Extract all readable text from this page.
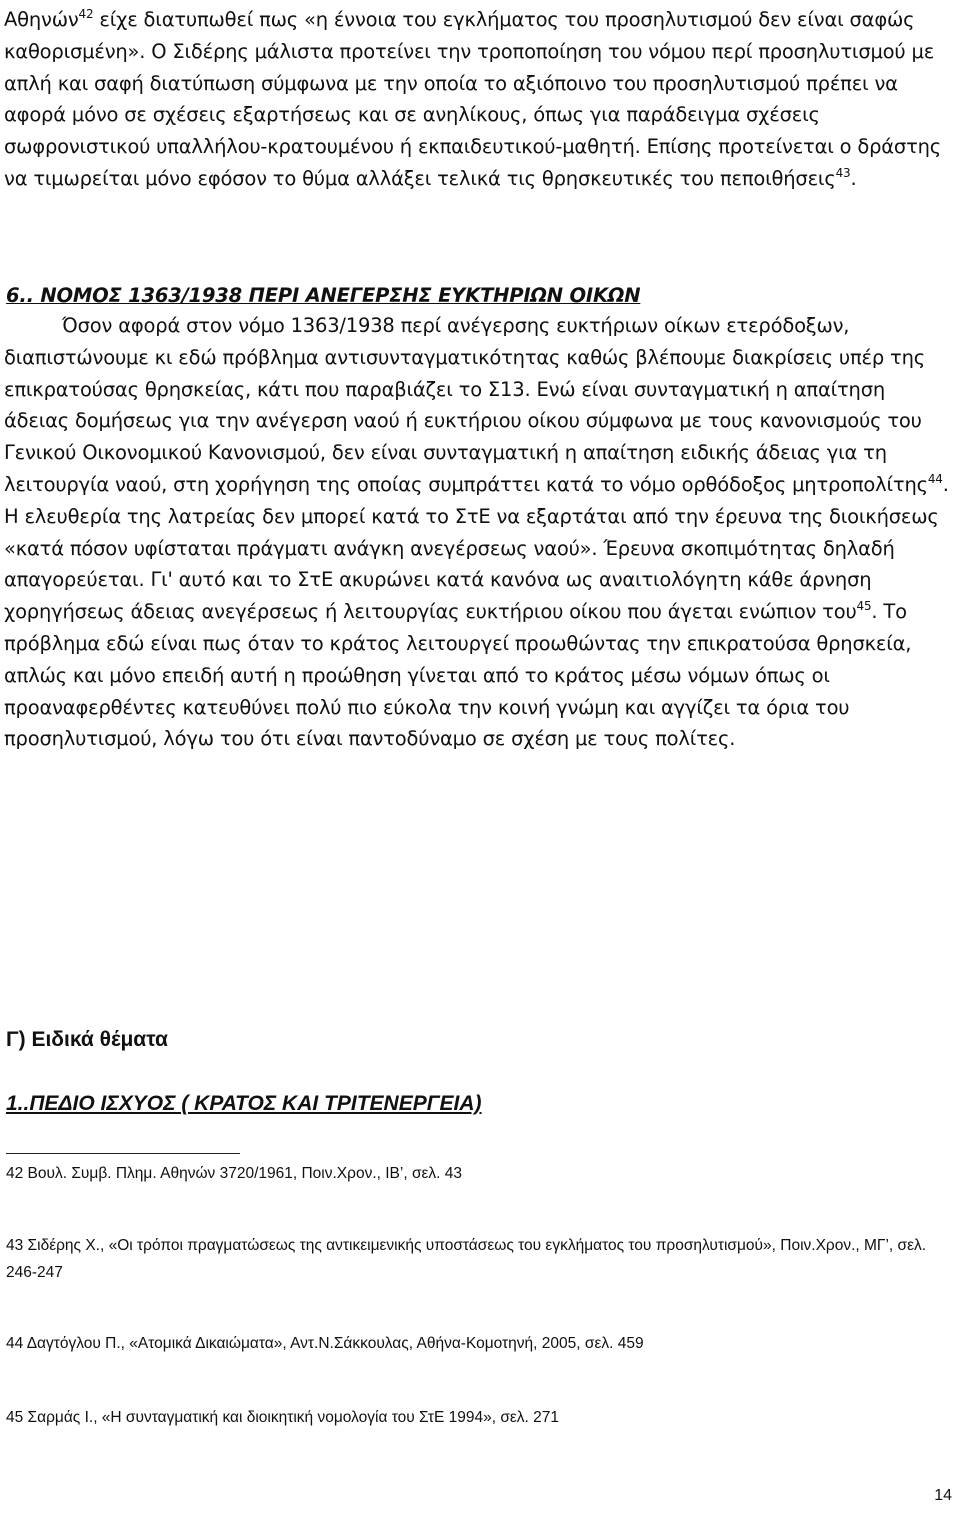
Αθηνών$^{42}$ είχε διατυπωθεί πως «η έννοια του εγκλήματος του προσηλυτισμού δεν είναι σαφώς καθορισμένη». Ο Σιδέρης μάλιστα προτείνει την τροποποίηση του νόμου περί προσηλυτισμού με απλή και σαφή διατύπωση σύμφωνα με την οποία το αξιόποινο του προσηλυτισμού πρέπει να αφορά μόνο σε σχέσεις εξαρτήσεως και σε ανηλίκους, όπως για παράδειγμα σχέσεις σωφρονιστικού υπαλλήλου-κρατουμένου ή εκπαιδευτικού-μαθητή. Επίσης προτείνεται ο δράστης να τιμωρείται μόνο εφόσον το θύμα αλλάξει τελικά τις θρησκευτικές του πεποιθήσεις$^{43}$.

6.. ΝΟΜΟΣ 1363/1938 ΠΕΡΙ ΑΝΕΓΕΡΣΗΣ ΕΥΚΤΗΡΙΩΝ ΟΙΚΩΝ

Όσον αφορά στον νόμο 1363/1938 περί ανέγερσης ευκτήριων οίκων ετερόδοξων, διαπιστώνουμε κι εδώ πρόβλημα αντισυνταγματικότητας καθώς βλέπουμε διακρίσεις υπέρ της επικρατούσας θρησκείας, κάτι που παραβιάζει το Σ13. Ενώ είναι συνταγματική η απαίτηση άδειας δομήσεως για την ανέγερση ναού ή ευκτήριου οίκου σύμφωνα με τους κανονισμούς του Γενικού Οικονομικού Κανονισμού, δεν είναι συνταγματική η απαίτηση ειδικής άδειας για τη λειτουργία ναού, στη χορήγηση της οποίας συμπράττει κατά το νόμο ορθόδοξος μητροπολίτης$^{44}$. Η ελευθερία της λατρείας δεν μπορεί κατά το ΣτΕ να εξαρτάται από την έρευνα της διοικήσεως «κατά πόσον υφίσταται πράγματι ανάγκη ανεγέρσεως ναού». Έρευνα σκοπιμότητας δηλαδή απαγορεύεται. Γι' αυτό και το ΣτΕ ακυρώνει κατά κανόνα ως αναιτιολόγητη κάθε άρνηση χορηγήσεως άδειας ανεγέρσεως ή λειτουργίας ευκτήριου οίκου που άγεται ενώπιον του$^{45}$. Το πρόβλημα εδώ είναι πως όταν το κράτος λειτουργεί προωθώντας την επικρατούσα θρησκεία, απλώς και μόνο επειδή αυτή η προώθηση γίνεται από το κράτος μέσω νόμων όπως οι προαναφερθέντες κατευθύνει πολύ πιο εύκολα την κοινή γνώμη και αγγίζει τα όρια του προσηλυτισμού, λόγω του ότι είναι παντοδύναμο σε σχέση με τους πολίτες.

Γ) Ειδικά θέματα
1..ΠΕΔΙΟ ΙΣΧΥΟΣ ( ΚΡΑΤΟΣ ΚΑΙ ΤΡΙΤΕΝΕΡΓΕΙΑ)

42 Βουλ. Συμβ. Πλημ. Αθηνών 3720/1961, Ποιν.Χρον., ΙΒ’, σελ. 43

43 Σιδέρης Χ., «Οι τρόποι πραγματώσεως της αντικειμενικής υποστάσεως του εγκλήματος του προσηλυτισμού», Ποιν.Χρον., ΜΓ’, σελ. 246-247

44 Δαγτόγλου Π., «Ατομικά Δικαιώματα», Αντ.Ν.Σάκκουλας, Αθήνα-Κομοτηνή, 2005, σελ. 459

45 Σαρμάς Ι., «Η συνταγματική και διοικητική νομολογία του ΣτΕ 1994», σελ. 271

14
